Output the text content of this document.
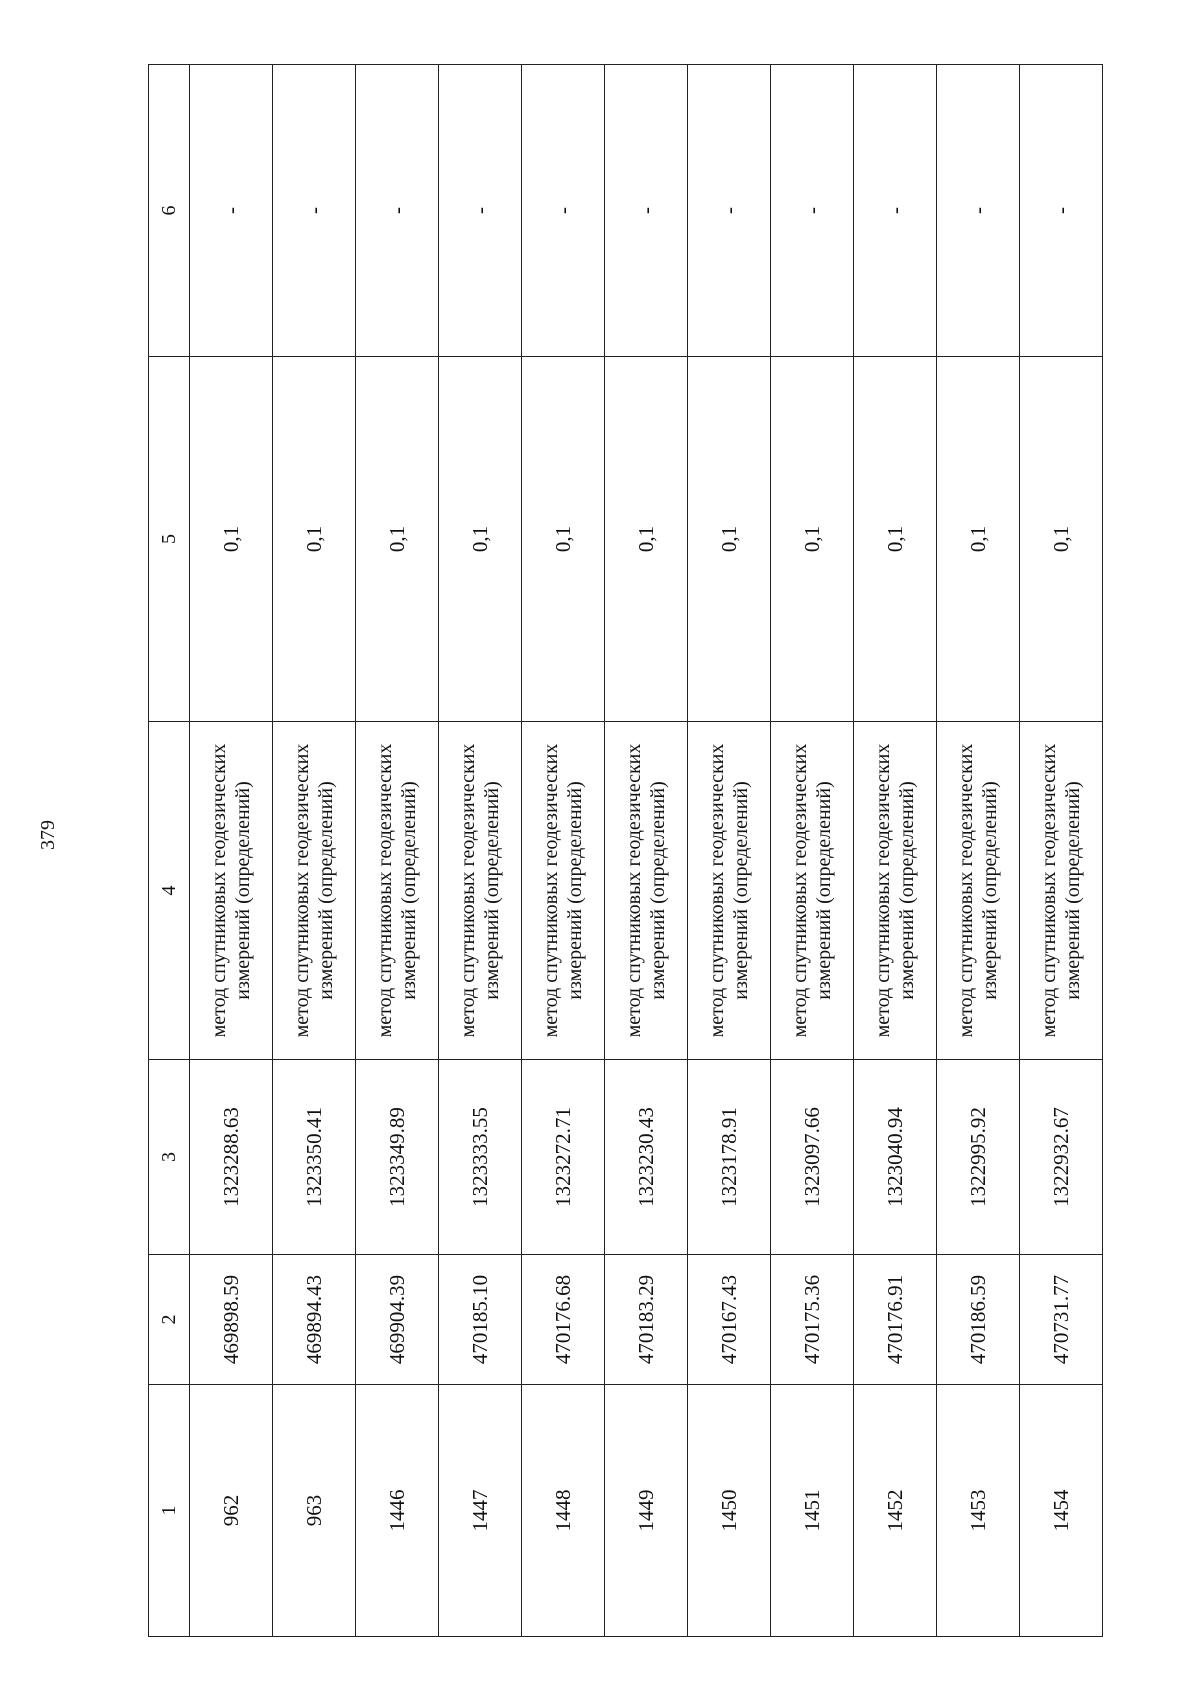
379
1	2	3	4	5	6
962	469898.59	1323288.63	метод спутниковых геодезических измерений (определений)	0,1	-
963	469894.43	1323350.41	метод спутниковых геодезических измерений (определений)	0,1	-
1446	469904.39	1323349.89	метод спутниковых геодезических измерений (определений)	0,1	-
1447	470185.10	1323333.55	метод спутниковых геодезических измерений (определений)	0,1	-
1448	470176.68	1323272.71	метод спутниковых геодезических измерений (определений)	0,1	-
1449	470183.29	1323230.43	метод спутниковых геодезических измерений (определений)	0,1	-
1450	470167.43	1323178.91	метод спутниковых геодезических измерений (определений)	0,1	-
1451	470175.36	1323097.66	метод спутниковых геодезических измерений (определений)	0,1	-
1452	470176.91	1323040.94	метод спутниковых геодезических измерений (определений)	0,1	-
1453	470186.59	1322995.92	метод спутниковых геодезических измерений (определений)	0,1	-
1454	470731.77	1322932.67	метод спутниковых геодезических измерений (определений)	0,1	-
